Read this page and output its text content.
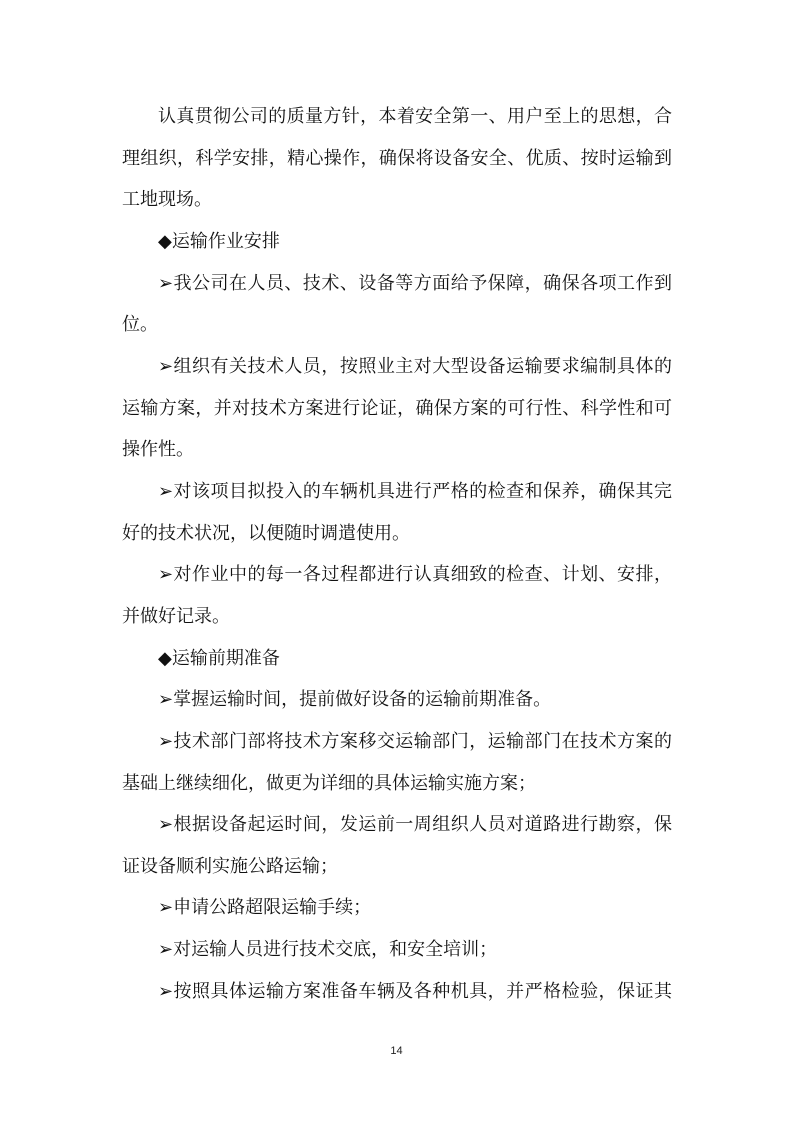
认真贯彻公司的质量方针，本着安全第一、用户至上的思想，合
理组织，科学安排，精心操作，确保将设备安全、优质、按时运输到
工地现场。
◆运输作业安排
➢我公司在人员、技术、设备等方面给予保障，确保各项工作到
位。
➢组织有关技术人员，按照业主对大型设备运输要求编制具体的
运输方案，并对技术方案进行论证，确保方案的可行性、科学性和可
操作性。
➢对该项目拟投入的车辆机具进行严格的检查和保养，确保其完
好的技术状况，以便随时调遣使用。
➢对作业中的每一各过程都进行认真细致的检查、计划、安排，
并做好记录。
◆运输前期准备
➢掌握运输时间，提前做好设备的运输前期准备。
➢技术部门部将技术方案移交运输部门，运输部门在技术方案的
基础上继续细化，做更为详细的具体运输实施方案；
➢根据设备起运时间，发运前一周组织人员对道路进行勘察，保
证设备顺利实施公路运输；
➢申请公路超限运输手续；
➢对运输人员进行技术交底，和安全培训；
➢按照具体运输方案准备车辆及各种机具，并严格检验，保证其
14
